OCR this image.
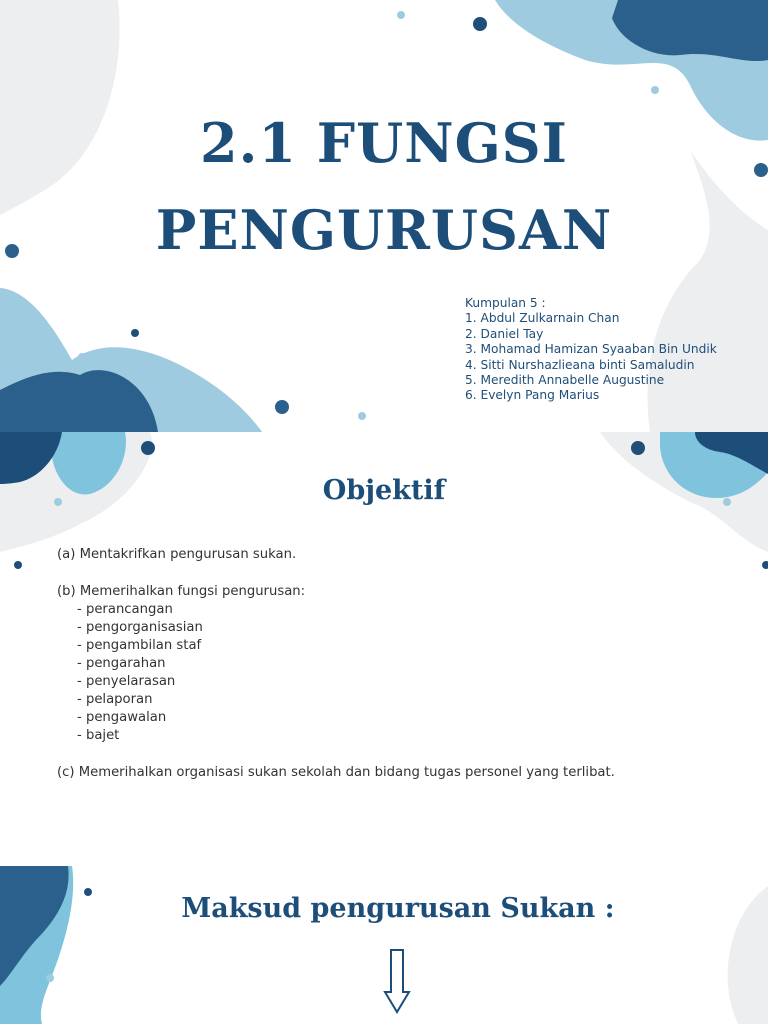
2.1 FUNGSI
PENGURUSAN
Kumpulan 5 :
1. Abdul Zulkarnain Chan
2. Daniel Tay
3. Mohamad Hamizan Syaaban Bin Undik
4. Sitti Nurshazlieana binti Samaludin
5. Meredith Annabelle Augustine
6. Evelyn Pang Marius
Objektif
(a) Mentakrifkan pengurusan sukan.
(b) Memerihalkan fungsi pengurusan:
- perancangan
- pengorganisasian
- pengambilan staf
- pengarahan
- penyelarasan
- pelaporan
- pengawalan
- bajet
(c) Memerihalkan organisasi sukan sekolah dan bidang tugas personel yang terlibat.
Maksud pengurusan Sukan :
